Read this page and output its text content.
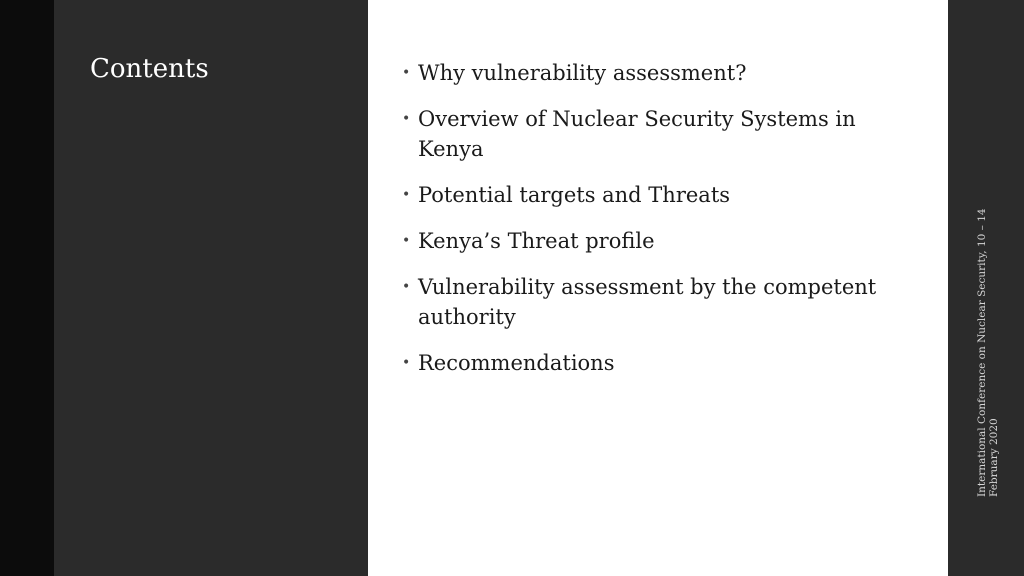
Contents	• Why vulnerability assessment?
• Overview of Nuclear Security Systems in Kenya
• Potential targets and Threats
• Kenya’s Threat profile
• Vulnerability assessment by the competent authority
• Recommendations	International Conference on Nuclear Security, 10 – 14 February 2020
